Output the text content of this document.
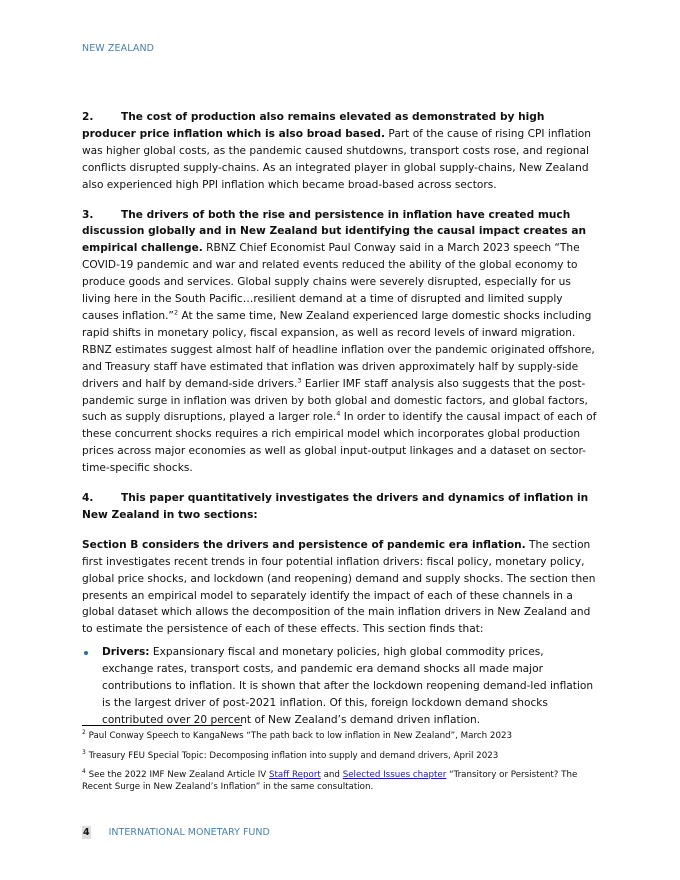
NEW ZEALAND

2.	The cost of production also remains elevated as demonstrated by high producer price inflation which is also broad based. Part of the cause of rising CPI inflation was higher global costs, as the pandemic caused shutdowns, transport costs rose, and regional conflicts disrupted supply-chains. As an integrated player in global supply-chains, New Zealand also experienced high PPI inflation which became broad-based across sectors.

3.	The drivers of both the rise and persistence in inflation have created much discussion globally and in New Zealand but identifying the causal impact creates an empirical challenge. RBNZ Chief Economist Paul Conway said in a March 2023 speech “The COVID-19 pandemic and war and related events reduced the ability of the global economy to produce goods and services. Global supply chains were severely disrupted, especially for us living here in the South Pacific…resilient demand at a time of disrupted and limited supply causes inflation.”$^2$ At the same time, New Zealand experienced large domestic shocks including rapid shifts in monetary policy, fiscal expansion, as well as record levels of inward migration. RBNZ estimates suggest almost half of headline inflation over the pandemic originated offshore, and Treasury staff have estimated that inflation was driven approximately half by supply-side drivers and half by demand-side drivers.$^3$ Earlier IMF staff analysis also suggests that the post-pandemic surge in inflation was driven by both global and domestic factors, and global factors, such as supply disruptions, played a larger role.$^4$ In order to identify the causal impact of each of these concurrent shocks requires a rich empirical model which incorporates global production prices across major economies as well as global input-output linkages and a dataset on sector-time-specific shocks.

4.	This paper quantitatively investigates the drivers and dynamics of inflation in New Zealand in two sections:

Section B considers the drivers and persistence of pandemic era inflation. The section first investigates recent trends in four potential inflation drivers: fiscal policy, monetary policy, global price shocks, and lockdown (and reopening) demand and supply shocks. The section then presents an empirical model to separately identify the impact of each of these channels in a global dataset which allows the decomposition of the main inflation drivers in New Zealand and to estimate the persistence of each of these effects. This section finds that:

Drivers: Expansionary fiscal and monetary policies, high global commodity prices, exchange rates, transport costs, and pandemic era demand shocks all made major contributions to inflation. It is shown that after the lockdown reopening demand-led inflation is the largest driver of post-2021 inflation. Of this, foreign lockdown demand shocks contributed over 20 percent of New Zealand’s demand driven inflation.
$^2$ Paul Conway Speech to KangaNews “The path back to low inflation in New Zealand”, March 2023
$^3$ Treasury FEU Special Topic: Decomposing inflation into supply and demand drivers, April 2023
$^4$ See the 2022 IMF New Zealand Article IV Staff Report and Selected Issues chapter “Transitory or Persistent? The Recent Surge in New Zealand’s Inflation” in the same consultation.
4 INTERNATIONAL MONETARY FUND
